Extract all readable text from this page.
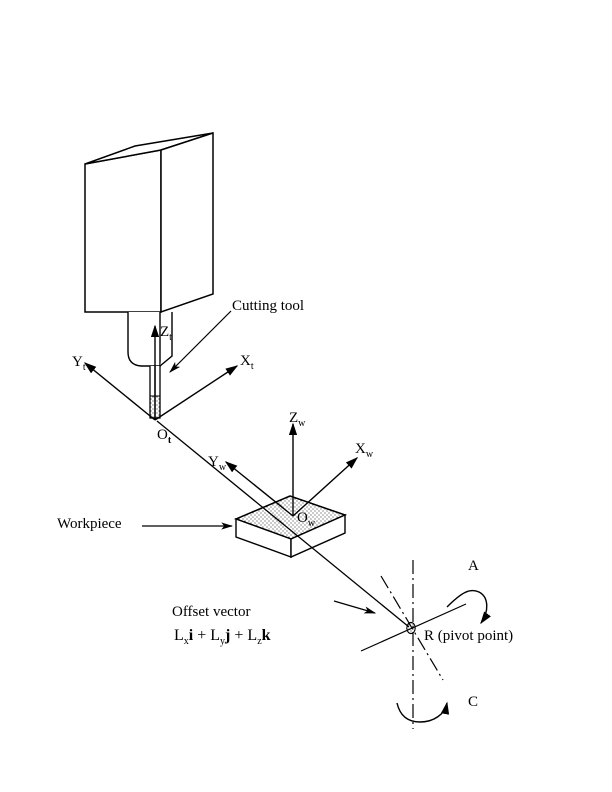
Cutting tool
$Z_t$
$Y_t$	$X_t$
$O_t$
$Z_w$
$X_w$
$Y_w$
$O_w$
Workpiece
Offset vector
$L_xi + L_yj + L_zk$
A
C
R (pivot point)
